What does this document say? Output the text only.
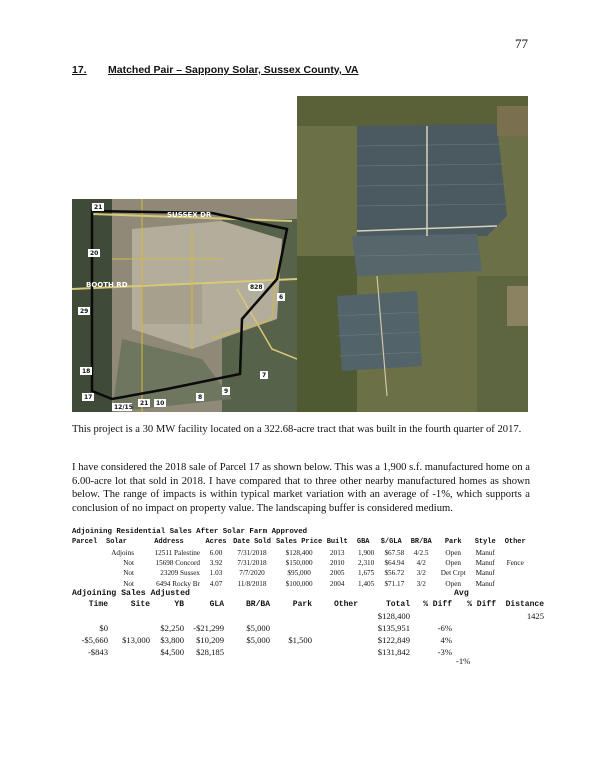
77
17. Matched Pair – Sappony Solar, Sussex County, VA
21
SUSSEX DR
20
BOOTH RD
29
828
6
7
18
9
8
17
12/15
21 10

This project is a 30 MW facility located on a 322.68-acre tract that was built in the fourth quarter of 2017.

I have considered the 2018 sale of Parcel 17 as shown below. This was a 1,900 s.f. manufactured home on a 6.00-acre lot that sold in 2018. I have compared that to three other nearby manufactured homes as shown below. The range of impacts is within typical market variation with an average of -1%, which supports a conclusion of no impact on property value. The landscaping buffer is considered medium.

Adjoining Residential Sales After Solar Farm Approved
Parcel	Solar	Address	Acres	Date Sold	Sales Price	Built	GBA	$/GLA	BR/BA	Park	Style	Other
	Adjoins	12511 Palestine	6.00	7/31/2018	$128,400	2013	1,900	$67.58	4/2.5	Open	Manuf	
	Not	15698 Concord	3.92	7/31/2018	$150,000	2010	2,310	$64.94	4/2	Open	Manuf	Fence
	Not	23209 Sussex	1.03	7/7/2020	$95,000	2005	1,675	$56.72	3/2	Det Crpt	Manuf	
	Not	6494 Rocky Br	4.07	11/8/2018	$100,000	2004	1,405	$71.17	3/2	Open	Manuf	
Adjoining Sales Adjusted	Avg
Time	Site	YB	GLA	BR/BA	Park	Other	Total	% Diff	% Diff	Distance
							$128,400			1425
$0		$2,250	-$21,299	$5,000			$135,951	-6%		
-$5,660	$13,000	$3,800	$10,209	$5,000	$1,500		$122,849	4%		
-$843		$4,500	$28,185				$131,842	-3%		
-1%
